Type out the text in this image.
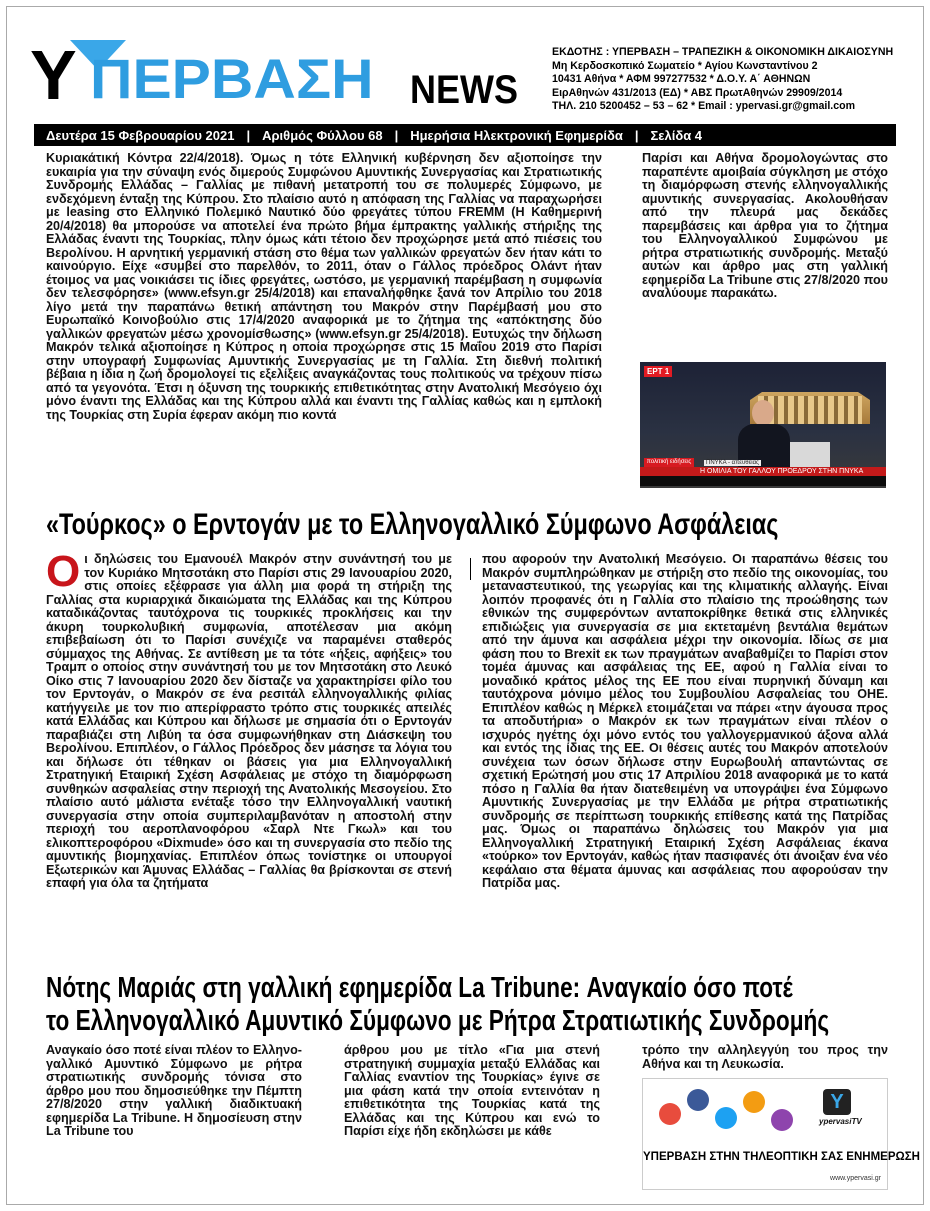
Y ΠΕΡΒΑΣΗ NEWS
ΕΚΔΟΤΗΣ : ΥΠΕΡΒΑΣΗ – ΤΡΑΠΕΖΙΚΗ & ΟΙΚΟΝΟΜΙΚΗ ΔΙΚΑΙΟΣΥΝΗ
Μη Κερδοσκοπικό Σωματείο * Αγίου Κωνσταντίνου 2
10431 Αθήνα * ΑΦΜ 997277532 * Δ.Ο.Υ. Α΄ ΑΘΗΝΩΝ
ΕιρΑθηνών 431/2013 (ΕΔ) * ΑΒΣ ΠρωτΑθηνών 29909/2014
ΤΗΛ. 210 5200452 – 53 – 62 * Email : ypervasi.gr@gmail.com
Δευτέρα 15 Φεβρουαρίου 2021 | Αριθμός Φύλλου 68 | Ημερήσια Ηλεκτρονική Εφημερίδα | Σελίδα 4

Κυριακάτική Κόντρα 22/4/2018). Όμως η τότε Ελληνική κυβέρνηση δεν αξιοποίησε την ευκαιρία για την σύναψη ενός διμερούς Συμφώνου Αμυντικής Συνεργασίας και Στρατιωτικής Συνδρομής Ελλάδας – Γαλλίας με πιθανή μετατροπή του σε πολυμερές Σύμφωνο, με ενδεχόμενη ένταξη της Κύπρου. Στο πλαίσιο αυτό η απόφαση της Γαλλίας να παραχωρήσει με leasing στο Ελληνικό Πολεμικό Ναυτικό δύο φρεγάτες τύπου FREMM (Η Καθημερινή 20/4/2018) θα μπορούσε να αποτελεί ένα πρώτο βήμα έμπρακτης γαλλικής στήριξης της Ελλάδας έναντι της Τουρκίας, πλην όμως κάτι τέτοιο δεν προχώρησε μετά από πιέσεις του Βερολίνου. Η αρνητική γερμανική στάση στο θέμα των γαλλικών φρεγατών δεν ήταν κάτι το καινούργιο. Είχε «συμβεί στο παρελθόν, το 2011, όταν ο Γάλλος πρόεδρος Ολάντ ήταν έτοιμος να μας νοικιάσει τις ίδιες φρεγάτες, ωστόσο, με γερμανική παρέμβαση η συμφωνία δεν τελεσφόρησε» (www.efsyn.gr 25/4/2018) και επαναλήφθηκε ξανά τον Απρίλιο του 2018 λίγο μετά την παραπάνω θετική απάντηση του Μακρόν στην Παρέμβασή μου στο Ευρωπαϊκό Κοινοβούλιο στις 17/4/2020 αναφορικά με το ζήτημα της «απόκτησης δύο γαλλικών φρεγατών μέσω χρονομίσθωσης» (www.efsyn.gr 25/4/2018). Ευτυχώς την δήλωση Μακρόν τελικά αξιοποίησε η Κύπρος η οποία προχώρησε στις 15 Μαΐου 2019 στο Παρίσι στην υπογραφή Συμφωνίας Αμυντικής Συνεργασίας με τη Γαλλία. Στη διεθνή πολιτική βέβαια η ίδια η ζωή δρομολογεί τις εξελίξεις αναγκάζοντας τους πολιτικούς να τρέχουν πίσω από τα γεγονότα. Έτσι η όξυνση της τουρκικής επιθετικότητας στην Ανατολική Μεσόγειο όχι μόνο έναντι της Ελλάδας και της Κύπρου αλλά και έναντι της Γαλλίας καθώς και η εμπλοκή της Τουρκίας στη Συρία έφεραν ακόμη πιο κοντά

Παρίσι και Αθήνα δρομολογώντας στο παραπέντε αμοιβαία σύγκληση με στόχο τη διαμόρφωση στενής ελληνογαλλικής αμυντικής συνεργασίας. Ακολουθήσαν από την πλευρά μας δεκάδες παρεμβάσεις και άρθρα για το ζήτημα του Ελληνογαλλικού Συμφώνου με ρήτρα στρατιωτικής συνδρομής. Μεταξύ αυτών και άρθρο μας στη γαλλική εφημερίδα La Tribune στις 27/8/2020 που αναλύουμε παρακάτω.

ΕΡΤ 1
ΠΝΥΚΑ - απευθείας
πολιτική ειδήσεις
Η ΟΜΙΛΙΑ ΤΟΥ ΓΑΛΛΟΥ ΠΡΟΕΔΡΟΥ ΣΤΗΝ ΠΝΥΚΑ
«Τούρκος» ο Ερντογάν με το Ελληνογαλλικό Σύμφωνο Ασφάλειας
Ο ι δηλώσεις του Εμανουέλ Μακρόν στην συνάντησή του με τον Κυριάκο Μητσοτάκη στο Παρίσι στις 29 Ιανουαρίου 2020, στις οποίες εξέφρασε για άλλη μια φορά τη στήριξη της Γαλλίας στα κυριαρχικά δικαιώματα της Ελλάδας και της Κύπρου καταδικάζοντας ταυτόχρονα τις τουρκικές προκλήσεις και την άκυρη τουρκολυβική συμφωνία, αποτέλεσαν μια ακόμη επιβεβαίωση ότι το Παρίσι συνέχιζε να παραμένει σταθερός σύμμαχος της Αθήνας. Σε αντίθεση με τα τότε «ήξεις, αφήξεις» του Τραμπ ο οποίος στην συνάντησή του με τον Μητσοτάκη στο Λευκό Οίκο στις 7 Ιανουαρίου 2020 δεν δίσταζε να χαρακτηρίσει φίλο του τον Ερντογάν, ο Μακρόν σε ένα ρεσιτάλ ελληνογαλλικής φιλίας κατήγγειλε με τον πιο απερίφραστο τρόπο στις τουρκικές απειλές κατά Ελλάδας και Κύπρου και δήλωσε με σημασία ότι ο Ερντογάν παραβιάζει στη Λιβύη τα όσα συμφωνήθηκαν στη Διάσκεψη του Βερολίνου. Επιπλέον, ο Γάλλος Πρόεδρος δεν μάσησε τα λόγια του και δήλωσε ότι τέθηκαν οι βάσεις για μια Ελληνογαλλική Στρατηγική Εταιρική Σχέση Ασφάλειας με στόχο τη διαμόρφωση συνθηκών ασφαλείας στην περιοχή της Ανατολικής Μεσογείου. Στο πλαίσιο αυτό μάλιστα ενέταξε τόσο την Ελληνογαλλική ναυτική συνεργασία στην οποία συμπεριλαμβανόταν η αποστολή στην περιοχή του αεροπλανοφόρου «Σαρλ Ντε Γκωλ» και του ελικοπτεροφόρου «Dixmude» όσο και τη συνεργασία στο πεδίο της αμυντικής βιομηχανίας. Επιπλέον όπως τονίστηκε οι υπουργοί Εξωτερικών και Άμυνας Ελλάδας – Γαλλίας θα βρίσκονται σε στενή επαφή για όλα τα ζητήματα

που αφορούν την Ανατολική Μεσόγειο. Οι παραπάνω θέσεις του Μακρόν συμπληρώθηκαν με στήριξη στο πεδίο της οικονομίας, του μεταναστευτικού, της γεωργίας και της κλιματικής αλλαγής. Είναι λοιπόν προφανές ότι η Γαλλία στο πλαίσιο της προώθησης των εθνικών της συμφερόντων ανταποκρίθηκε θετικά στις ελληνικές επιδιώξεις για συνεργασία σε μια εκτεταμένη βεντάλια θεμάτων από την άμυνα και ασφάλεια μέχρι την οικονομία. Ιδίως σε μια φάση που το Brexit εκ των πραγμάτων αναβαθμίζει το Παρίσι στον τομέα άμυνας και ασφάλειας της ΕΕ, αφού η Γαλλία είναι το μοναδικό κράτος μέλος της ΕΕ που είναι πυρηνική δύναμη και ταυτόχρονα μόνιμο μέλος του Συμβουλίου Ασφαλείας του ΟΗΕ. Επιπλέον καθώς η Μέρκελ ετοιμάζεται να πάρει «την άγουσα προς τα αποδυτήρια» ο Μακρόν εκ των πραγμάτων είναι πλέον ο ισχυρός ηγέτης όχι μόνο εντός του γαλλογερμανικού άξονα αλλά και εντός της ίδιας της ΕΕ. Οι θέσεις αυτές του Μακρόν αποτελούν συνέχεια των όσων δήλωσε στην Ευρωβουλή απαντώντας σε σχετική Ερώτησή μου στις 17 Απριλίου 2018 αναφορικά με το κατά πόσο η Γαλλία θα ήταν διατεθειμένη να υπογράψει ένα Σύμφωνο Αμυντικής Συνεργασίας με την Ελλάδα με ρήτρα στρατιωτικής συνδρομής σε περίπτωση τουρκικής επίθεσης κατά της Πατρίδας μας. Όμως οι παραπάνω δηλώσεις του Μακρόν για μια Ελληνογαλλική Στρατηγική Εταιρική Σχέση Ασφάλειας έκανα «τούρκο» τον Ερντογάν, καθώς ήταν πασιφανές ότι άνοιξαν ένα νέο κεφάλαιο στα θέματα άμυνας και ασφάλειας που αφορούσαν την Πατρίδα μας.

Νότης Μαριάς στη γαλλική εφημερίδα La Tribune: Αναγκαίο όσο ποτέ
το Ελληνογαλλικό Αμυντικό Σύμφωνο με Ρήτρα Στρατιωτικής Συνδρομής

Αναγκαίο όσο ποτέ είναι πλέον το Ελληνο-γαλλικό Αμυντικό Σύμφωνο με ρήτρα στρατιωτικής συνδρομής τόνισα στο άρθρο μου που δημοσιεύθηκε την Πέμπτη 27/8/2020 στην γαλλική διαδικτυακή εφημερίδα La Tribune. Η δημοσίευση στην La Tribune του

άρθρου μου με τίτλο «Για μια στενή στρατηγική συμμαχία μεταξύ Ελλάδας και Γαλλίας εναντίον της Τουρκίας» έγινε σε μια φάση κατά την οποία εντεινόταν η επιθετικότητα της Τουρκίας κατά της Ελλάδας και της Κύπρου και ενώ το Παρίσι είχε ήδη εκδηλώσει με κάθε

τρόπο την αλληλεγγύη του προς την Αθήνα και τη Λευκωσία.

Y
ypervasiTV
ΥΠΕΡΒΑΣΗ ΣΤΗΝ ΤΗΛΕΟΠΤΙΚΗ ΣΑΣ ΕΝΗΜΕΡΩΣΗ
www.ypervasi.gr
